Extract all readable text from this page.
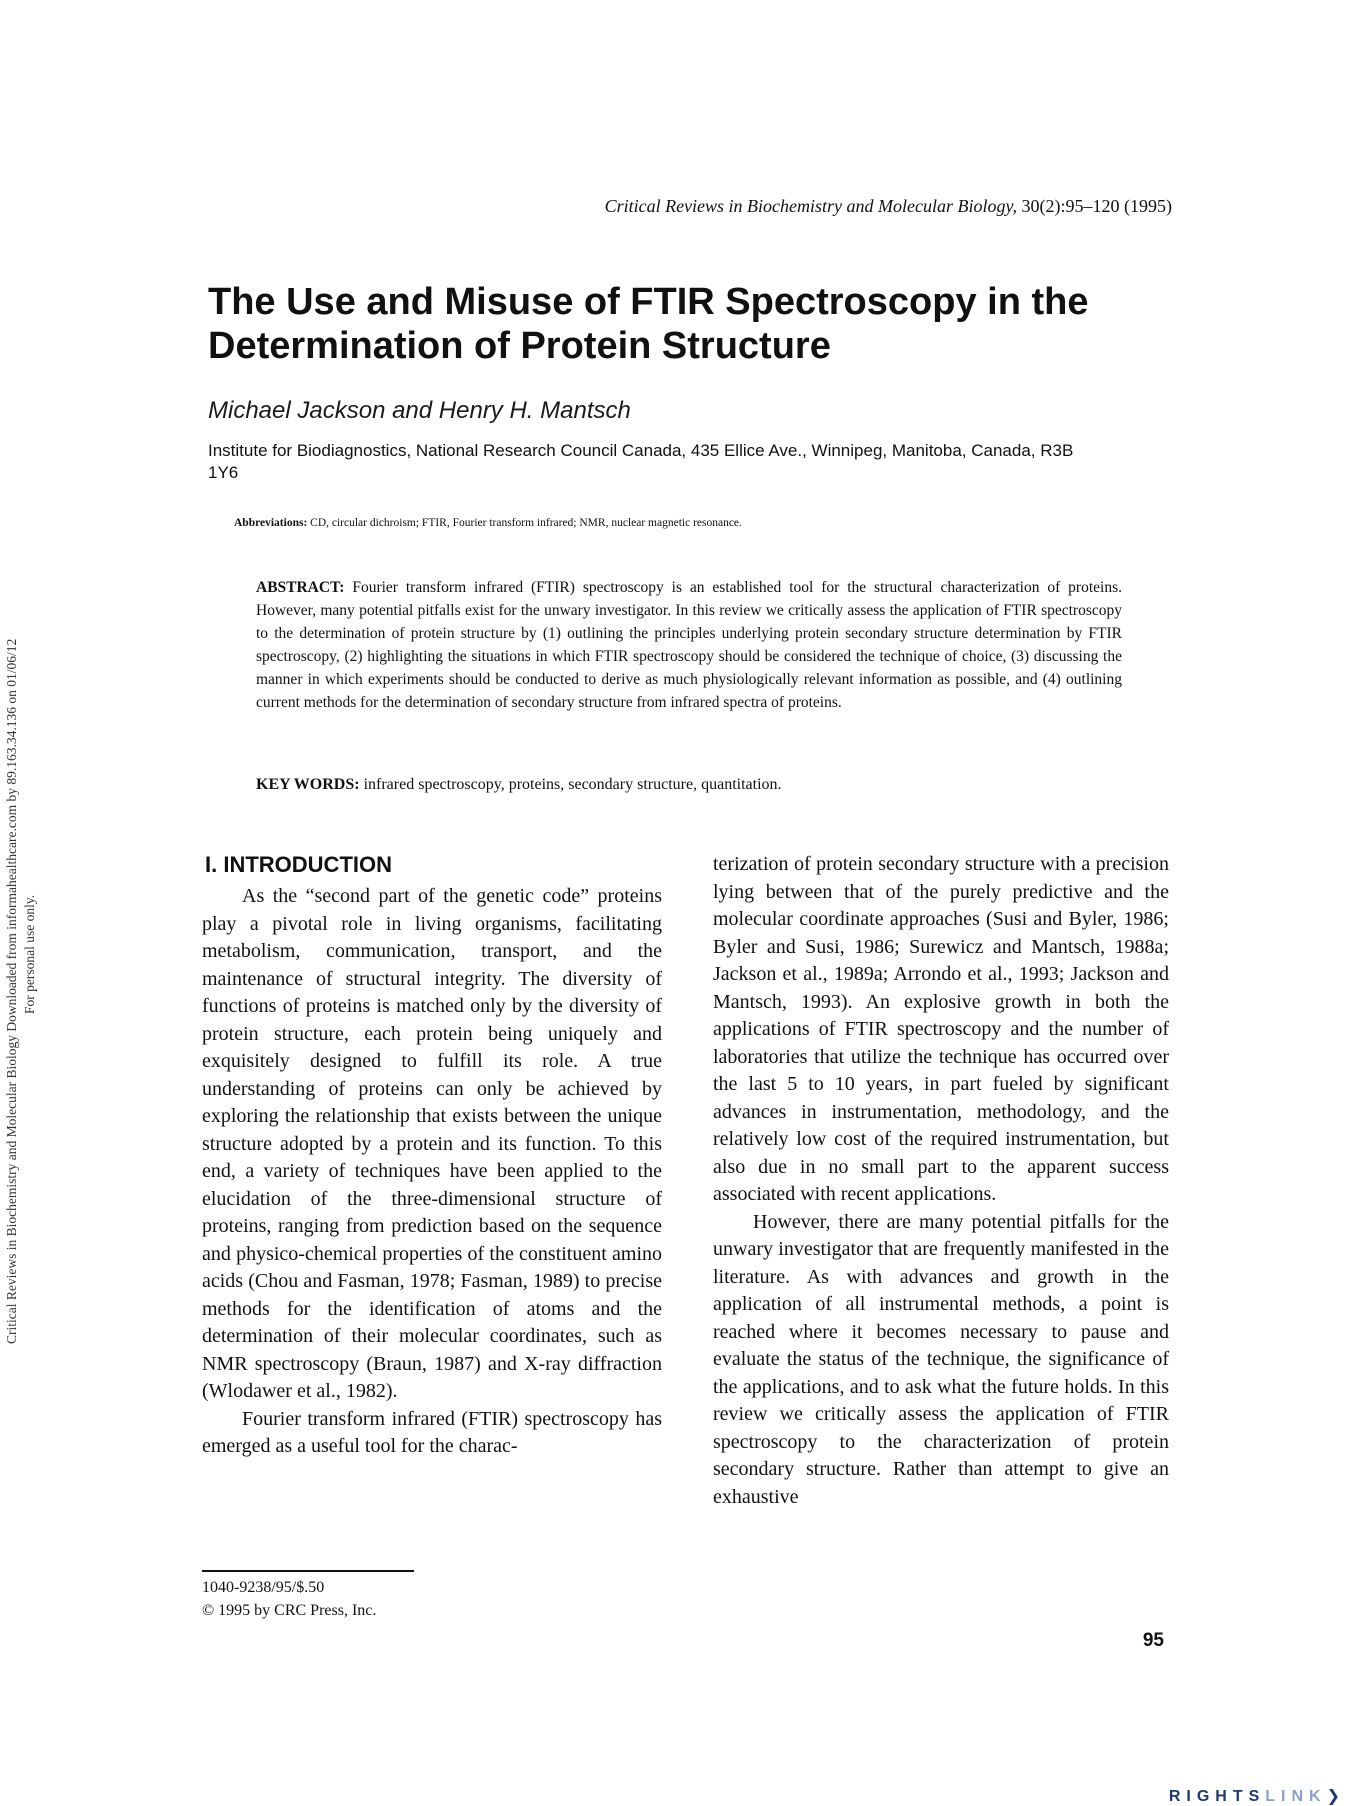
Critical Reviews in Biochemistry and Molecular Biology Downloaded from informahealthcare.com by 89.163.34.136 on 01/06/12 For personal use only.
Critical Reviews in Biochemistry and Molecular Biology, 30(2):95–120 (1995)
The Use and Misuse of FTIR Spectroscopy in the Determination of Protein Structure
Michael Jackson and Henry H. Mantsch
Institute for Biodiagnostics, National Research Council Canada, 435 Ellice Ave., Winnipeg, Manitoba, Canada, R3B 1Y6
Abbreviations: CD, circular dichroism; FTIR, Fourier transform infrared; NMR, nuclear magnetic resonance.
ABSTRACT: Fourier transform infrared (FTIR) spectroscopy is an established tool for the structural characterization of proteins. However, many potential pitfalls exist for the unwary investigator. In this review we critically assess the application of FTIR spectroscopy to the determination of protein structure by (1) outlining the principles underlying protein secondary structure determination by FTIR spectroscopy, (2) highlighting the situations in which FTIR spectroscopy should be considered the technique of choice, (3) discussing the manner in which experiments should be conducted to derive as much physiologically relevant information as possible, and (4) outlining current methods for the determination of secondary structure from infrared spectra of proteins.
KEY WORDS: infrared spectroscopy, proteins, secondary structure, quantitation.
I. INTRODUCTION

As the “second part of the genetic code” proteins play a pivotal role in living organisms, facilitating metabolism, communication, transport, and the maintenance of structural integrity. The diversity of functions of proteins is matched only by the diversity of protein structure, each protein being uniquely and exquisitely designed to fulfill its role. A true understanding of proteins can only be achieved by exploring the relationship that exists between the unique structure adopted by a protein and its function. To this end, a variety of techniques have been applied to the elucidation of the three-dimensional structure of proteins, ranging from prediction based on the sequence and physico-chemical properties of the constituent amino acids (Chou and Fasman, 1978; Fasman, 1989) to precise methods for the identification of atoms and the determination of their molecular coordinates, such as NMR spectroscopy (Braun, 1987) and X-ray diffraction (Wlodawer et al., 1982).

Fourier transform infrared (FTIR) spectroscopy has emerged as a useful tool for the charac-

terization of protein secondary structure with a precision lying between that of the purely predictive and the molecular coordinate approaches (Susi and Byler, 1986; Byler and Susi, 1986; Surewicz and Mantsch, 1988a; Jackson et al., 1989a; Arrondo et al., 1993; Jackson and Mantsch, 1993). An explosive growth in both the applications of FTIR spectroscopy and the number of laboratories that utilize the technique has occurred over the last 5 to 10 years, in part fueled by significant advances in instrumentation, methodology, and the relatively low cost of the required instrumentation, but also due in no small part to the apparent success associated with recent applications.

However, there are many potential pitfalls for the unwary investigator that are frequently manifested in the literature. As with advances and growth in the application of all instrumental methods, a point is reached where it becomes necessary to pause and evaluate the status of the technique, the significance of the applications, and to ask what the future holds. In this review we critically assess the application of FTIR spectroscopy to the characterization of protein secondary structure. Rather than attempt to give an exhaustive

1040-9238/95/$.50
© 1995 by CRC Press, Inc.
95
RIGHTSLINK❯
